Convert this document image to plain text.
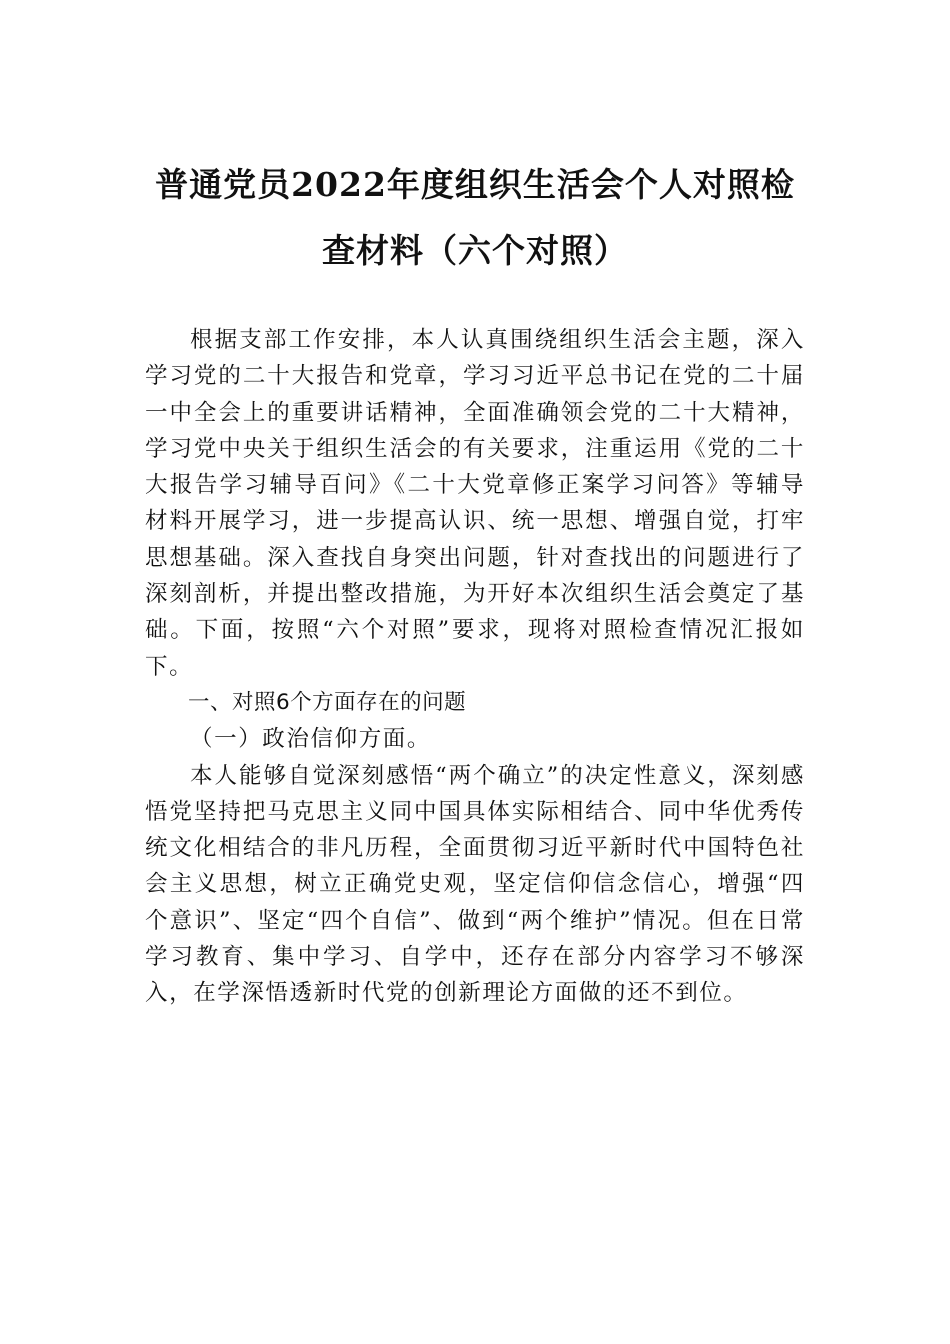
普通党员2022年度组织生活会个人对照检
查材料（六个对照）

根据支部工作安排，本人认真围绕组织生活会主题，深入学习党的二十大报告和党章，学习习近平总书记在党的二十届一中全会上的重要讲话精神，全面准确领会党的二十大精神，学习党中央关于组织生活会的有关要求，注重运用《党的二十大报告学习辅导百问》《二十大党章修正案学习问答》等辅导材料开展学习，进一步提高认识、统一思想、增强自觉，打牢思想基础。深入查找自身突出问题，针对查找出的问题进行了深刻剖析，并提出整改措施，为开好本次组织生活会奠定了基础。下面，按照“六个对照”要求，现将对照检查情况汇报如下。

一、对照6个方面存在的问题

（一）政治信仰方面。

本人能够自觉深刻感悟“两个确立”的决定性意义，深刻感悟党坚持把马克思主义同中国具体实际相结合、同中华优秀传统文化相结合的非凡历程，全面贯彻习近平新时代中国特色社会主义思想，树立正确党史观，坚定信仰信念信心，增强“四个意识”、坚定“四个自信”、做到“两个维护”情况。但在日常学习教育、集中学习、自学中，还存在部分内容学习不够深入，在学深悟透新时代党的创新理论方面做的还不到位。
